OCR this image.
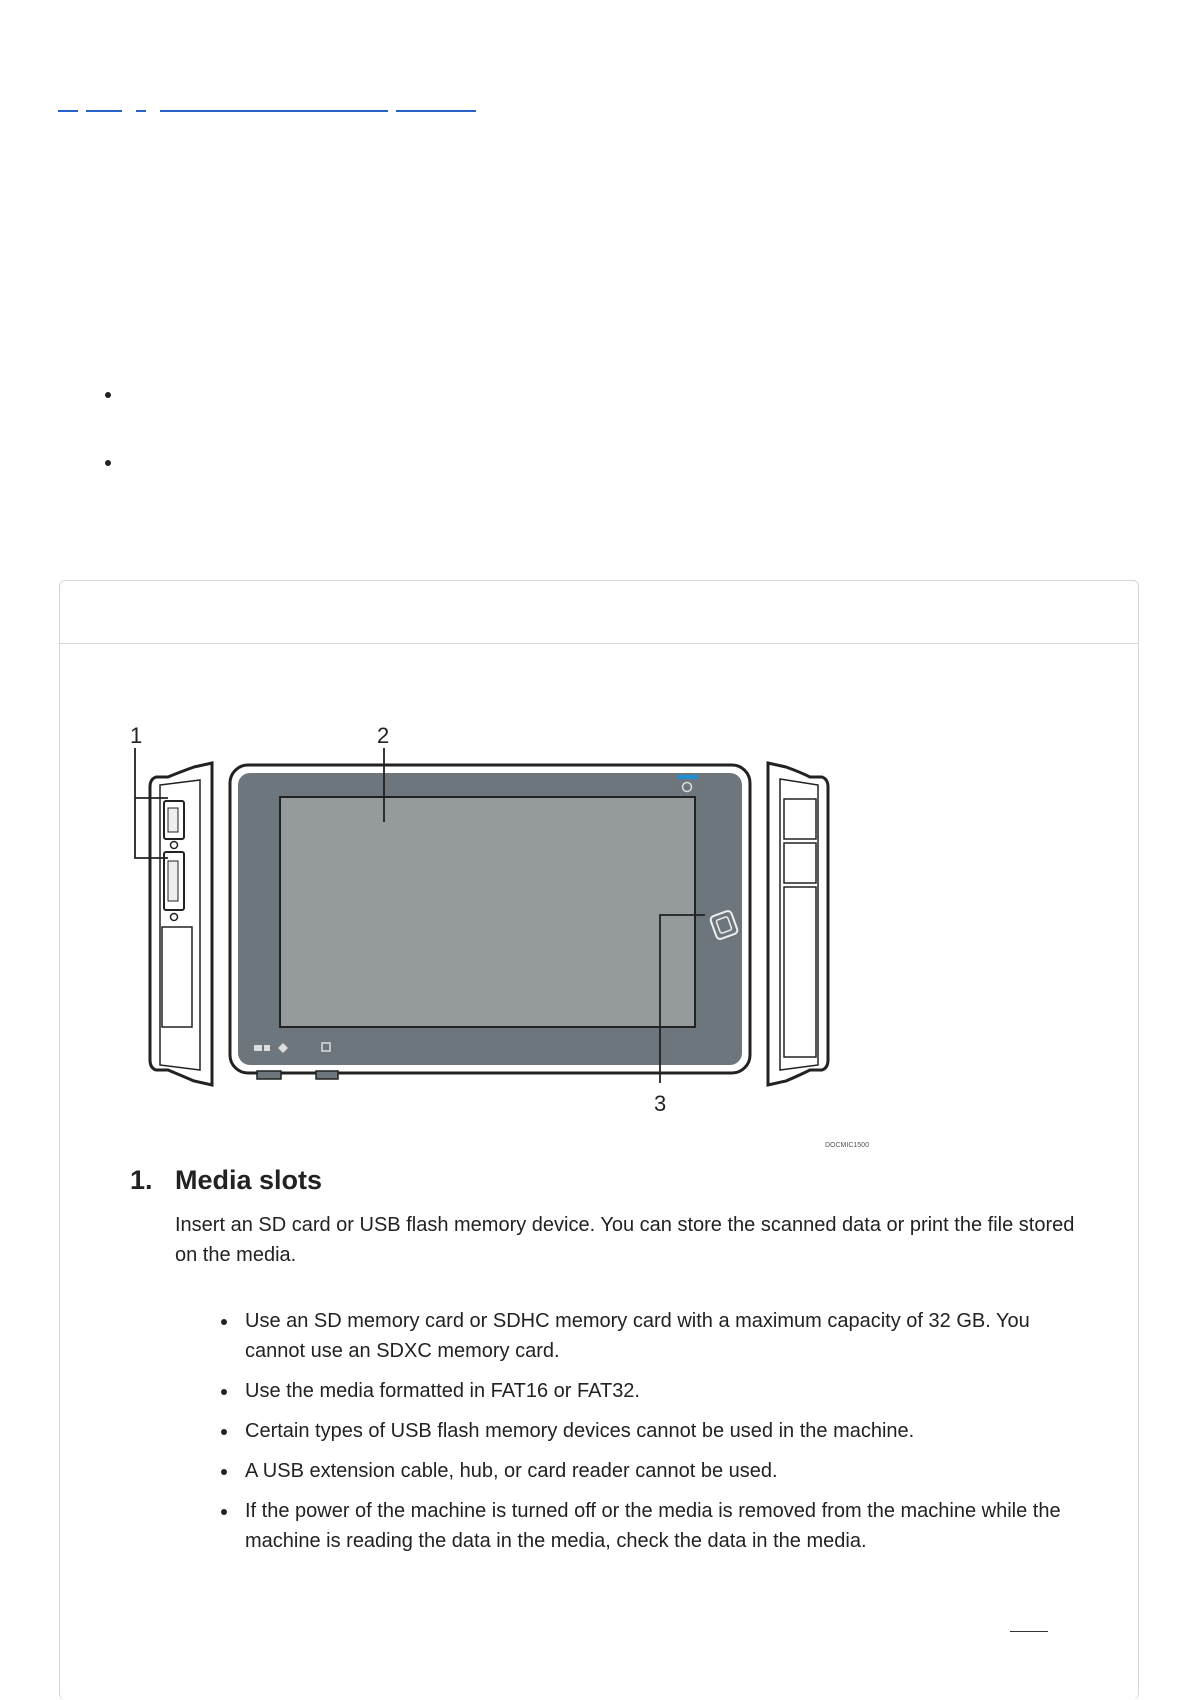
1	2
3
DOCMIC1500
1. Media slots

Insert an SD card or USB flash memory device. You can store the scanned data or print the file stored on the media.

Use an SD memory card or SDHC memory card with a maximum capacity of 32 GB. You cannot use an SDXC memory card.
Use the media formatted in FAT16 or FAT32.
Certain types of USB flash memory devices cannot be used in the machine.
A USB extension cable, hub, or card reader cannot be used.
If the power of the machine is turned off or the media is removed from the machine while the machine is reading the data in the media, check the data in the media.
